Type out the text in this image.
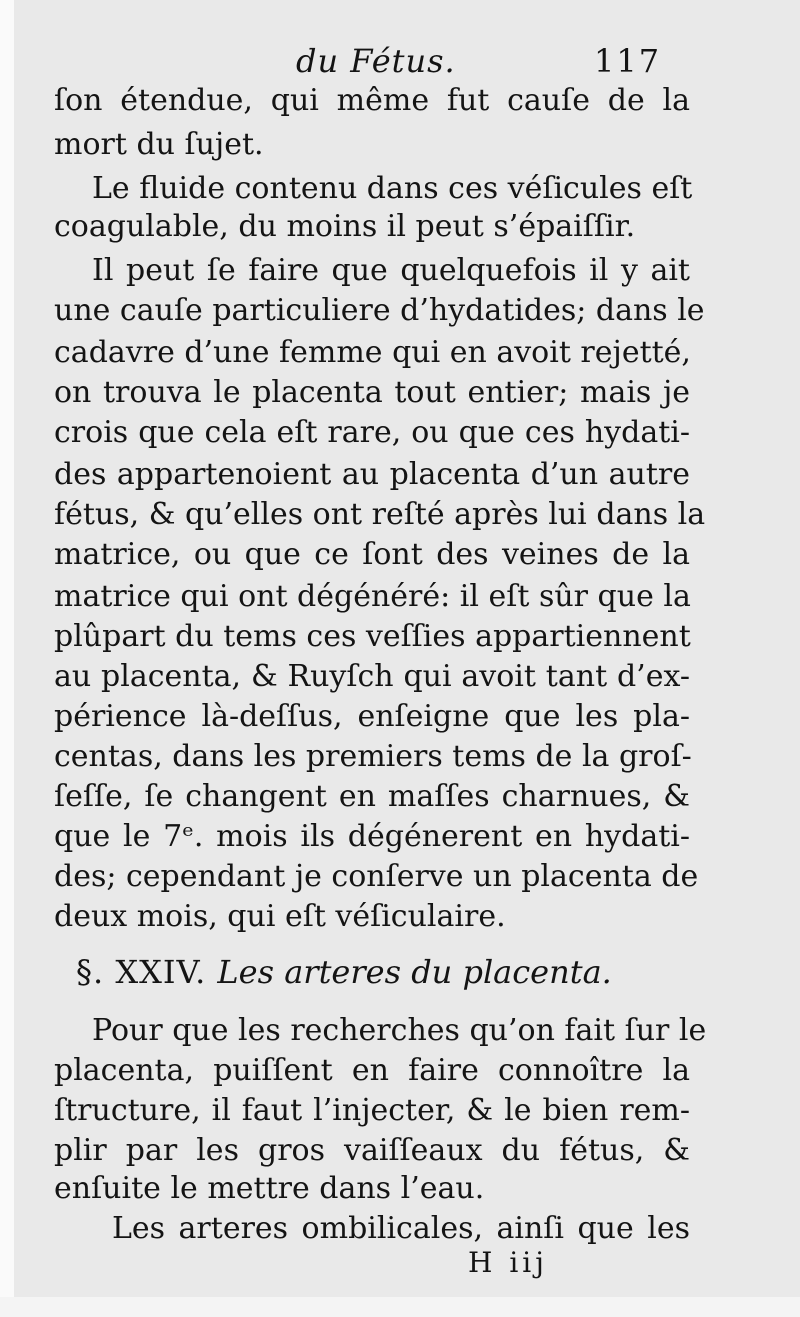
du Fétus.	117
ſon étendue, qui même fut cauſe de la
mort du ſujet.
Le fluide contenu dans ces véſicules eſt
coagulable, du moins il peut s’épaiſſir.
Il peut ſe faire que quelquefois il y ait
une cauſe particuliere d’hydatides; dans le
cadavre d’une femme qui en avoit rejetté,
on trouva le placenta tout entier; mais je
crois que cela eſt rare, ou que ces hydati-
des appartenoient au placenta d’un autre
fétus, & qu’elles ont reſté après lui dans la
matrice, ou que ce ſont des veines de la
matrice qui ont dégénéré: il eſt sûr que la
plûpart du tems ces veſſies appartiennent
au placenta, & Ruyſch qui avoit tant d’ex-
périence là-deſſus, enſeigne que les pla-
centas, dans les premiers tems de la groſ-
ſeſſe, ſe changent en maſſes charnues, &
que le 7ᵉ. mois ils dégénerent en hydati-
des; cependant je conſerve un placenta de
deux mois, qui eſt véſiculaire.
§. XXIV. Les arteres du placenta.
Pour que les recherches qu’on fait ſur le
placenta, puiſſent en faire connoître la
ſtructure, il faut l’injecter, & le bien rem-
plir par les gros vaiſſeaux du fétus, &
enſuite le mettre dans l’eau.
Les arteres ombilicales, ainſi que les
H iij
